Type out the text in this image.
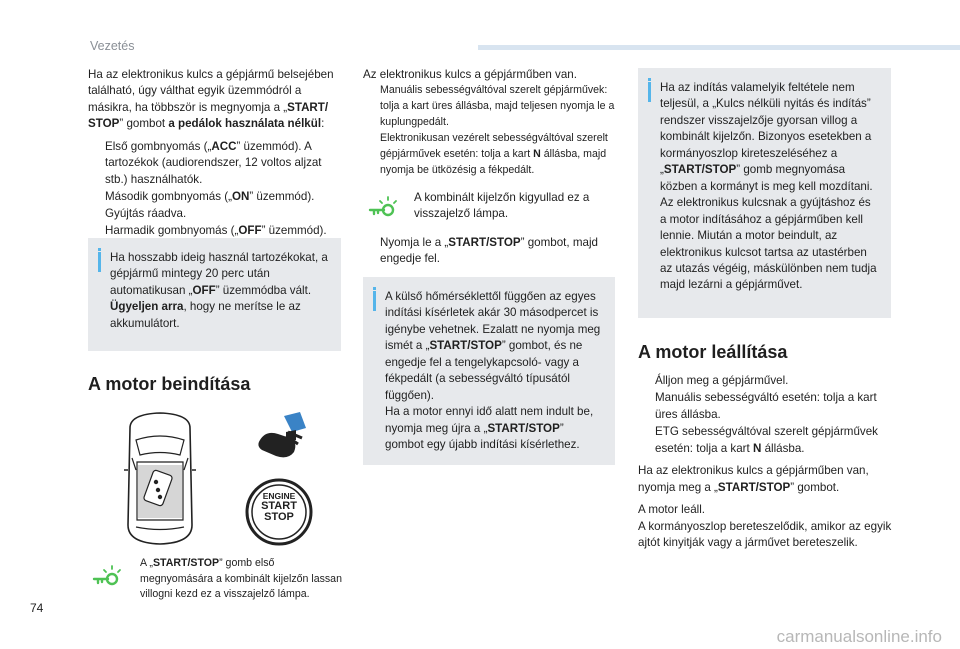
Vezetés

Ha az elektronikus kulcs a gépjármű belsejében található, úgy válthat egyik üzemmódról a másikra, ha többször is megnyomja a „START/ STOP” gombot a pedálok használata nélkül:

Első gombnyomás („ACC” üzemmód). A tartozékok (audiorendszer, 12 voltos aljzat stb.) használhatók.
Második gombnyomás („ON” üzemmód). Gyújtás ráadva.
Harmadik gombnyomás („OFF” üzemmód).

Ha hosszabb ideig használ tartozékokat, a gépjármű mintegy 20 perc után automatikusan „OFF” üzemmódba vált. Ügyeljen arra, hogy ne merítse le az akkumulátort.

A motor beindítása
ENGINE
START
STOP

A „START/STOP” gomb első megnyomására a kombinált kijelzőn lassan villogni kezd ez a visszajelző lámpa.

Az elektronikus kulcs a gépjárműben van.

Manuális sebességváltóval szerelt gépjárművek: tolja a kart üres állásba, majd teljesen nyomja le a kuplungpedált.
Elektronikusan vezérelt sebességváltóval szerelt gépjárművek esetén: tolja a kart N állásba, majd nyomja be ütközésig a fékpedált.

A kombinált kijelzőn kigyullad ez a visszajelző lámpa.

Nyomja le a „START/STOP” gombot, majd engedje fel.

A külső hőmérséklettől függően az egyes indítási kísérletek akár 30 másodpercet is igénybe vehetnek. Ezalatt ne nyomja meg ismét a „START/STOP” gombot, és ne engedje fel a tengelykapcsoló- vagy a fékpedált (a sebességváltó típusától függően).

Ha a motor ennyi idő alatt nem indult be, nyomja meg újra a „START/STOP” gombot egy újabb indítási kísérlethez.

Ha az indítás valamelyik feltétele nem teljesül, a „Kulcs nélküli nyitás és indítás” rendszer visszajelzője gyorsan villog a kombinált kijelzőn. Bizonyos esetekben a kormányoszlop kireteszeléséhez a „START/STOP” gomb megnyomása közben a kormányt is meg kell mozdítani. Az elektronikus kulcsnak a gyújtáshoz és a motor indításához a gépjárműben kell lennie. Miután a motor beindult, az elektronikus kulcsot tartsa az utastérben az utazás végéig, máskülönben nem tudja majd lezárni a gépjárművet.

A motor leállítása
Álljon meg a gépjárművel.
Manuális sebességváltó esetén: tolja a kart üres állásba.
ETG sebességváltóval szerelt gépjárművek esetén: tolja a kart N állásba.

Ha az elektronikus kulcs a gépjárműben van, nyomja meg a „START/STOP” gombot.

A motor leáll.

A kormányoszlop bereteszelődik, amikor az egyik ajtót kinyitják vagy a járművet bereteszelik.

74
carmanualsonline.info
